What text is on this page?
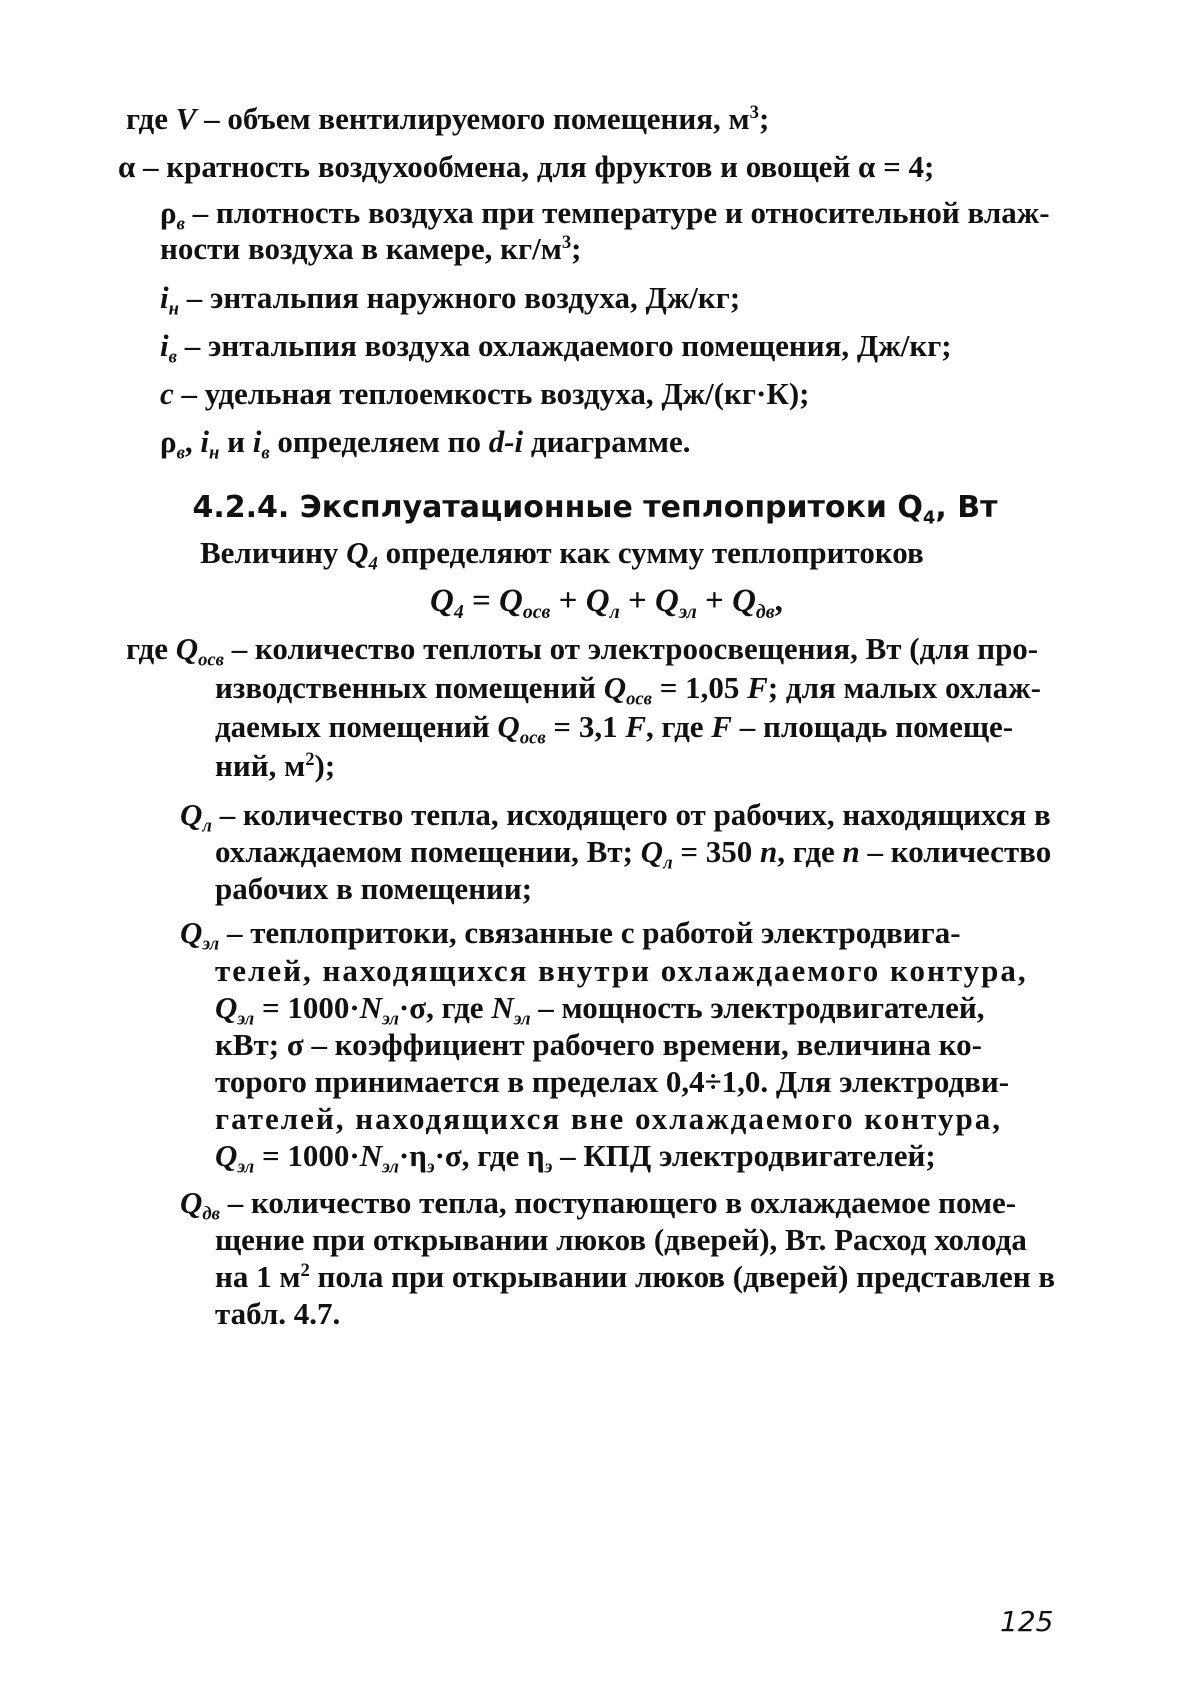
где V – объем вентилируемого помещения, $м^3$;
α – кратность воздухообмена, для фруктов и овощей α = 4;
$\rho_в$ – плотность воздуха при температуре и относительной влаж-
ности воздуха в камере, $кг/м^3$;
$i_н$ – энтальпия наружного воздуха, Дж/кг;
$i_в$ – энтальпия воздуха охлаждаемого помещения, Дж/кг;
c – удельная теплоемкость воздуха, Дж/(кг·К);
$\rho_в$, $i_н$ и $i_в$ определяем по d-i диаграмме.
4.2.4. Эксплуатационные теплопритоки $Q_4$, Вт
Величину $Q_4$ определяют как сумму теплопритоков
$Q_4 = Q_{осв} + Q_л + Q_{эл} + Q_{дв}$,
где $Q_{осв}$ – количество теплоты от электроосвещения, Вт (для про-
изводственных помещений $Q_{осв} = 1,05$ F; для малых охлаж-
даемых помещений $Q_{осв} = 3,1$ F, где F – площадь помеще-
ний, $м^2$);
$Q_л$ – количество тепла, исходящего от рабочих, находящихся в
охлаждаемом помещении, Вт; $Q_л = 350$ n, где n – количество
рабочих в помещении;
$Q_{эл}$ – теплопритоки, связанные с работой электродвига-
телей, находящихся внутри охлаждаемого контура,
$Q_{эл} = 1000\cdot N_{эл}\cdot\sigma$, где $N_{эл}$ – мощность электродвигателей,
кВт; σ – коэффициент рабочего времени, величина ко-
торого принимается в пределах 0,4÷1,0. Для электродви-
гателей, находящихся вне охлаждаемого контура,
$Q_{эл} = 1000\cdot N_{эл}\cdot\eta_э\cdot\sigma$, где $\eta_э$ – КПД электродвигателей;
$Q_{дв}$ – количество тепла, поступающего в охлаждаемое поме-
щение при открывании люков (дверей), Вт. Расход холода
на 1 $м^2$ пола при открывании люков (дверей) представлен в
табл. 4.7.
125
